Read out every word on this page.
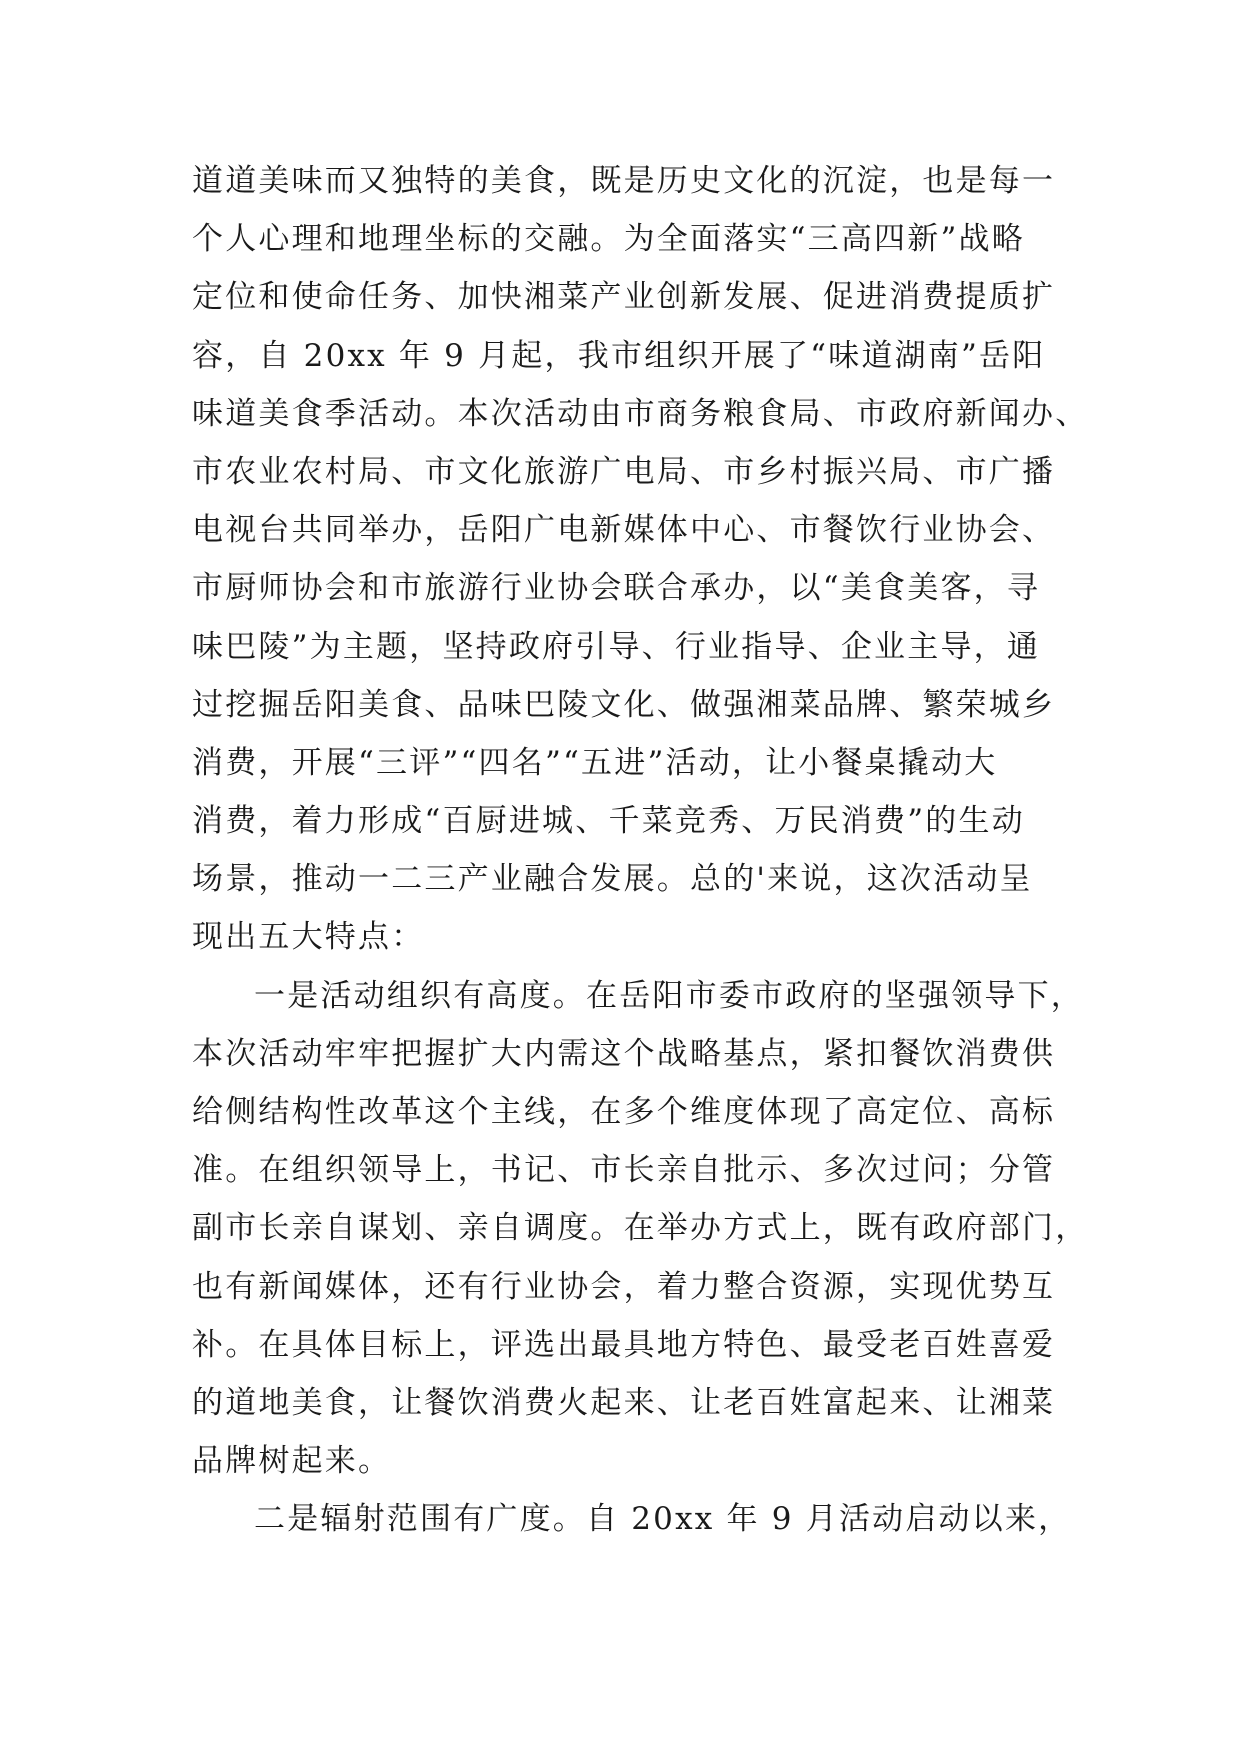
道道美味而又独特的美食，既是历史文化的沉淀，也是每一
个人心理和地理坐标的交融。为全面落实“三高四新”战略
定位和使命任务、加快湘菜产业创新发展、促进消费提质扩
容，自 20xx 年 9 月起，我市组织开展了“味道湖南”岳阳
味道美食季活动。本次活动由市商务粮食局、市政府新闻办、
市农业农村局、市文化旅游广电局、市乡村振兴局、市广播
电视台共同举办，岳阳广电新媒体中心、市餐饮行业协会、
市厨师协会和市旅游行业协会联合承办，以“美食美客，寻
味巴陵”为主题，坚持政府引导、行业指导、企业主导，通
过挖掘岳阳美食、品味巴陵文化、做强湘菜品牌、繁荣城乡
消费，开展“三评”“四名”“五进”活动，让小餐桌撬动大
消费，着力形成“百厨进城、千菜竞秀、万民消费”的生动
场景，推动一二三产业融合发展。总的'来说，这次活动呈
现出五大特点：
一是活动组织有高度。在岳阳市委市政府的坚强领导下，
本次活动牢牢把握扩大内需这个战略基点，紧扣餐饮消费供
给侧结构性改革这个主线，在多个维度体现了高定位、高标
准。在组织领导上，书记、市长亲自批示、多次过问；分管
副市长亲自谋划、亲自调度。在举办方式上，既有政府部门，
也有新闻媒体，还有行业协会，着力整合资源，实现优势互
补。在具体目标上，评选出最具地方特色、最受老百姓喜爱
的道地美食，让餐饮消费火起来、让老百姓富起来、让湘菜
品牌树起来。
二是辐射范围有广度。自 20xx 年 9 月活动启动以来，
